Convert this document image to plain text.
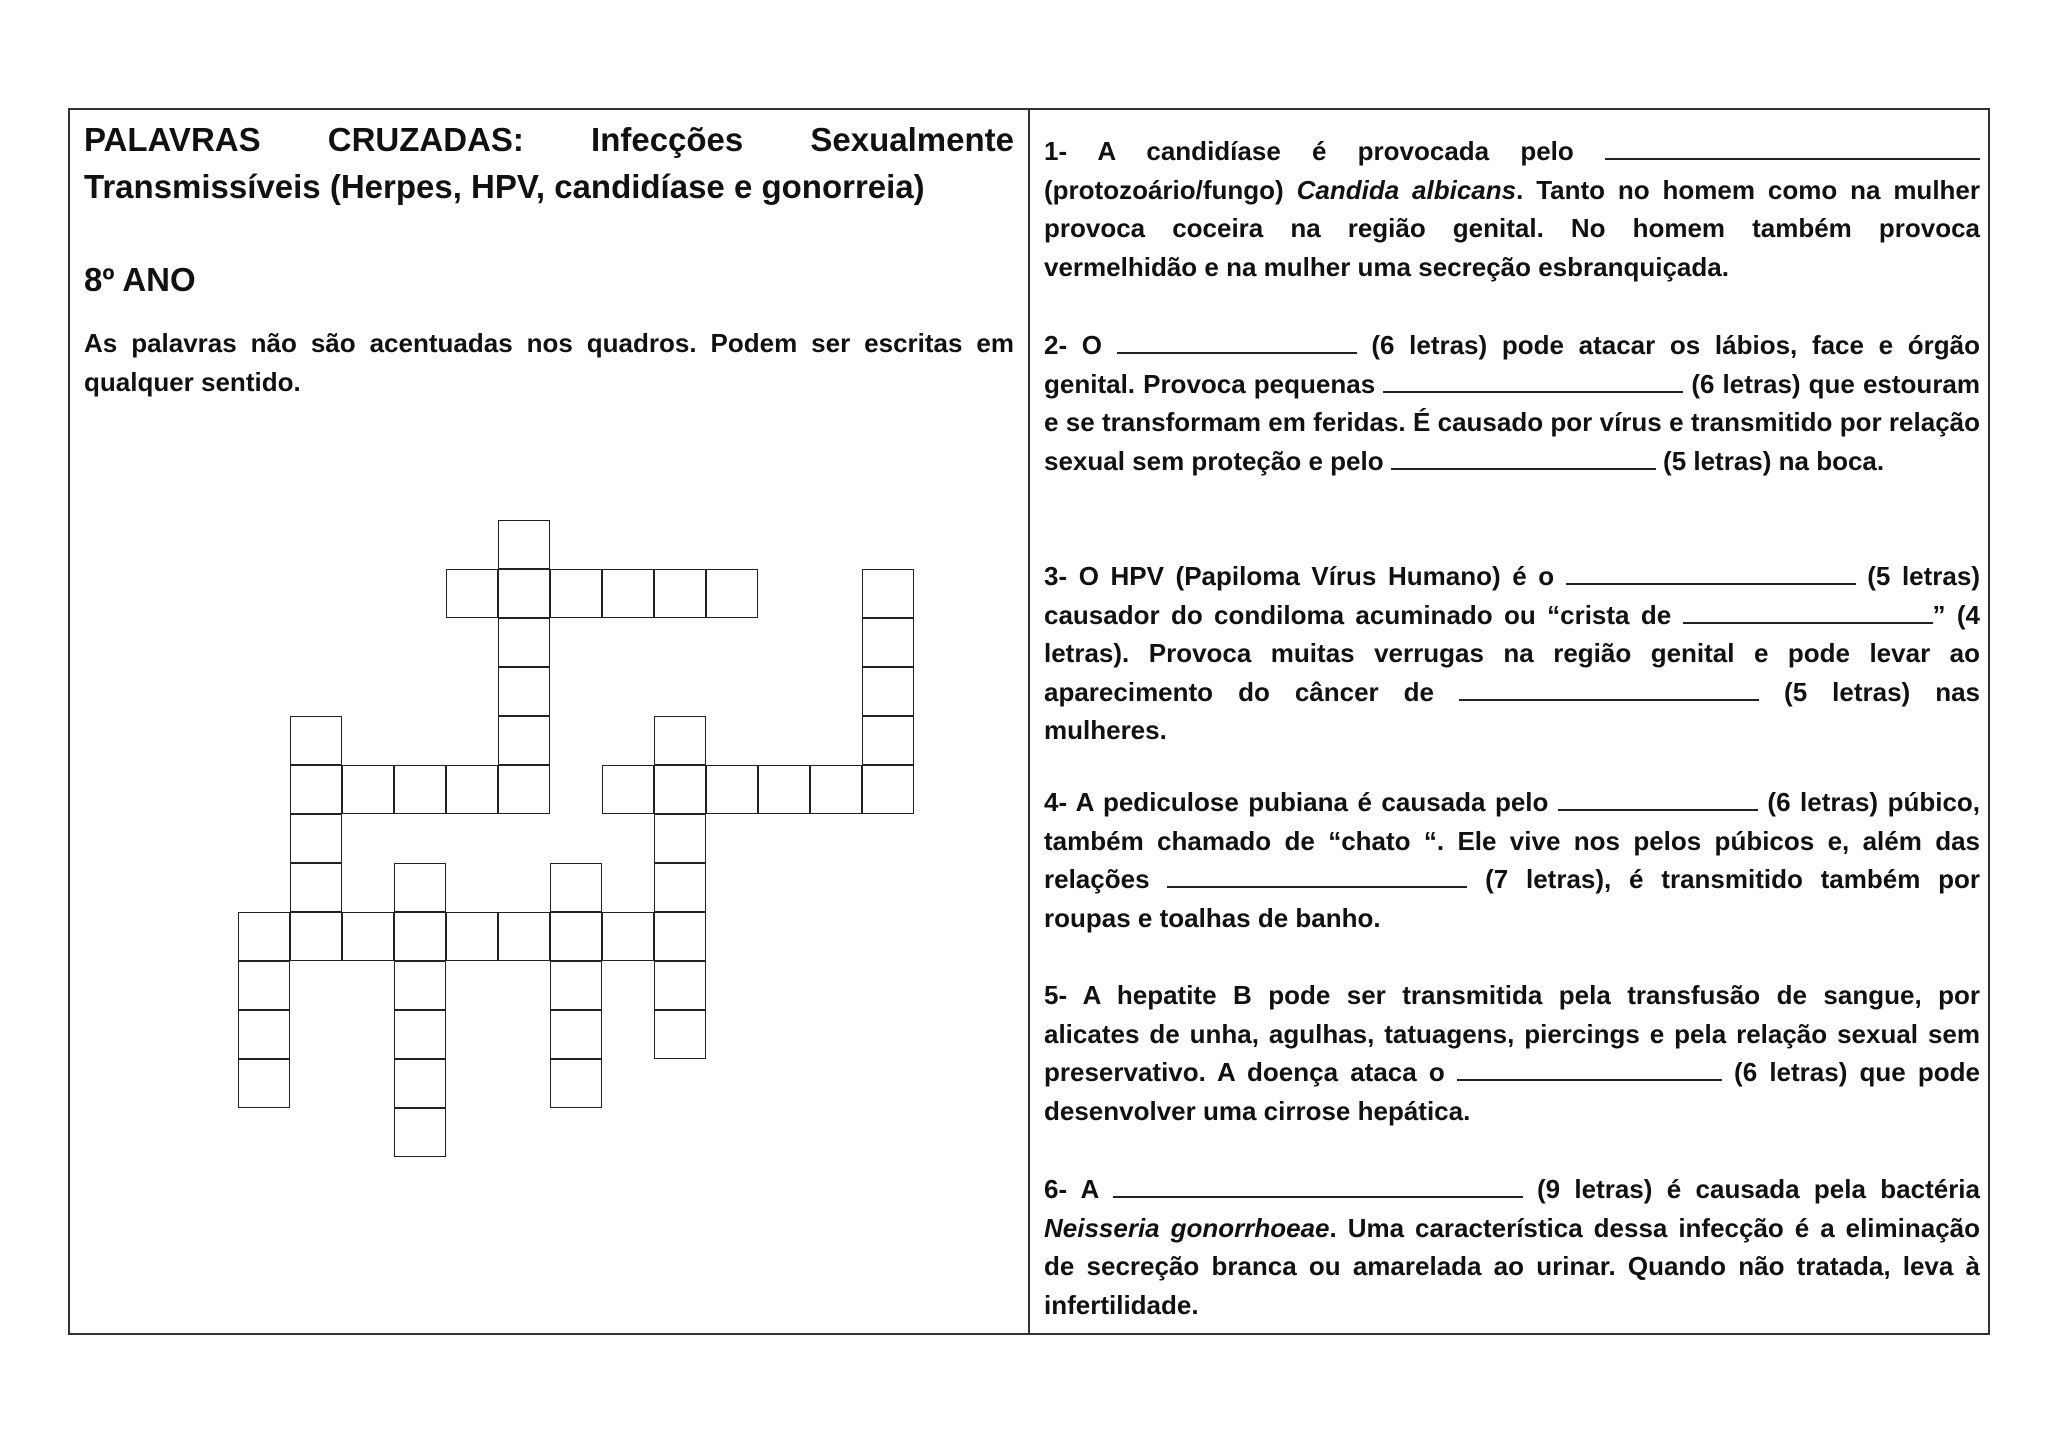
PALAVRAS CRUZADAS: Infecções Sexualmente Transmissíveis (Herpes, HPV, candidíase e gonorreia)

8º ANO

As palavras não são acentuadas nos quadros. Podem ser escritas em qualquer sentido.

1- A candidíase é provocada pelo  (protozoário/fungo) Candida albicans. Tanto no homem como na mulher provoca coceira na região genital. No homem também provoca vermelhidão e na mulher uma secreção esbranquiçada.

2- O	(6 letras) pode atacar os lábios, face e órgão genital. Provoca pequenas	(6 letras) que estouram e se transformam em feridas. É causado por vírus e transmitido por relação sexual sem proteção e pelo	(5 letras) na boca.

3- O HPV (Papiloma Vírus Humano) é o	(5 letras) causador do condiloma acuminado ou “crista de	” (4 letras). Provoca muitas verrugas na região genital e pode levar ao aparecimento do câncer de	(5 letras) nas mulheres.

4- A pediculose pubiana é causada pelo	(6 letras) púbico, também chamado de “chato “. Ele vive nos pelos púbicos e, além das relações	(7 letras), é transmitido também por roupas e toalhas de banho.

5- A hepatite B pode ser transmitida pela transfusão de sangue, por alicates de unha, agulhas, tatuagens, piercings e pela relação sexual sem preservativo. A doença ataca o	(6 letras) que pode desenvolver uma cirrose hepática.

6- A	(9 letras) é causada pela bactéria Neisseria gonorrhoeae. Uma característica dessa infecção é a eliminação de secreção branca ou amarelada ao urinar. Quando não tratada, leva à infertilidade.
